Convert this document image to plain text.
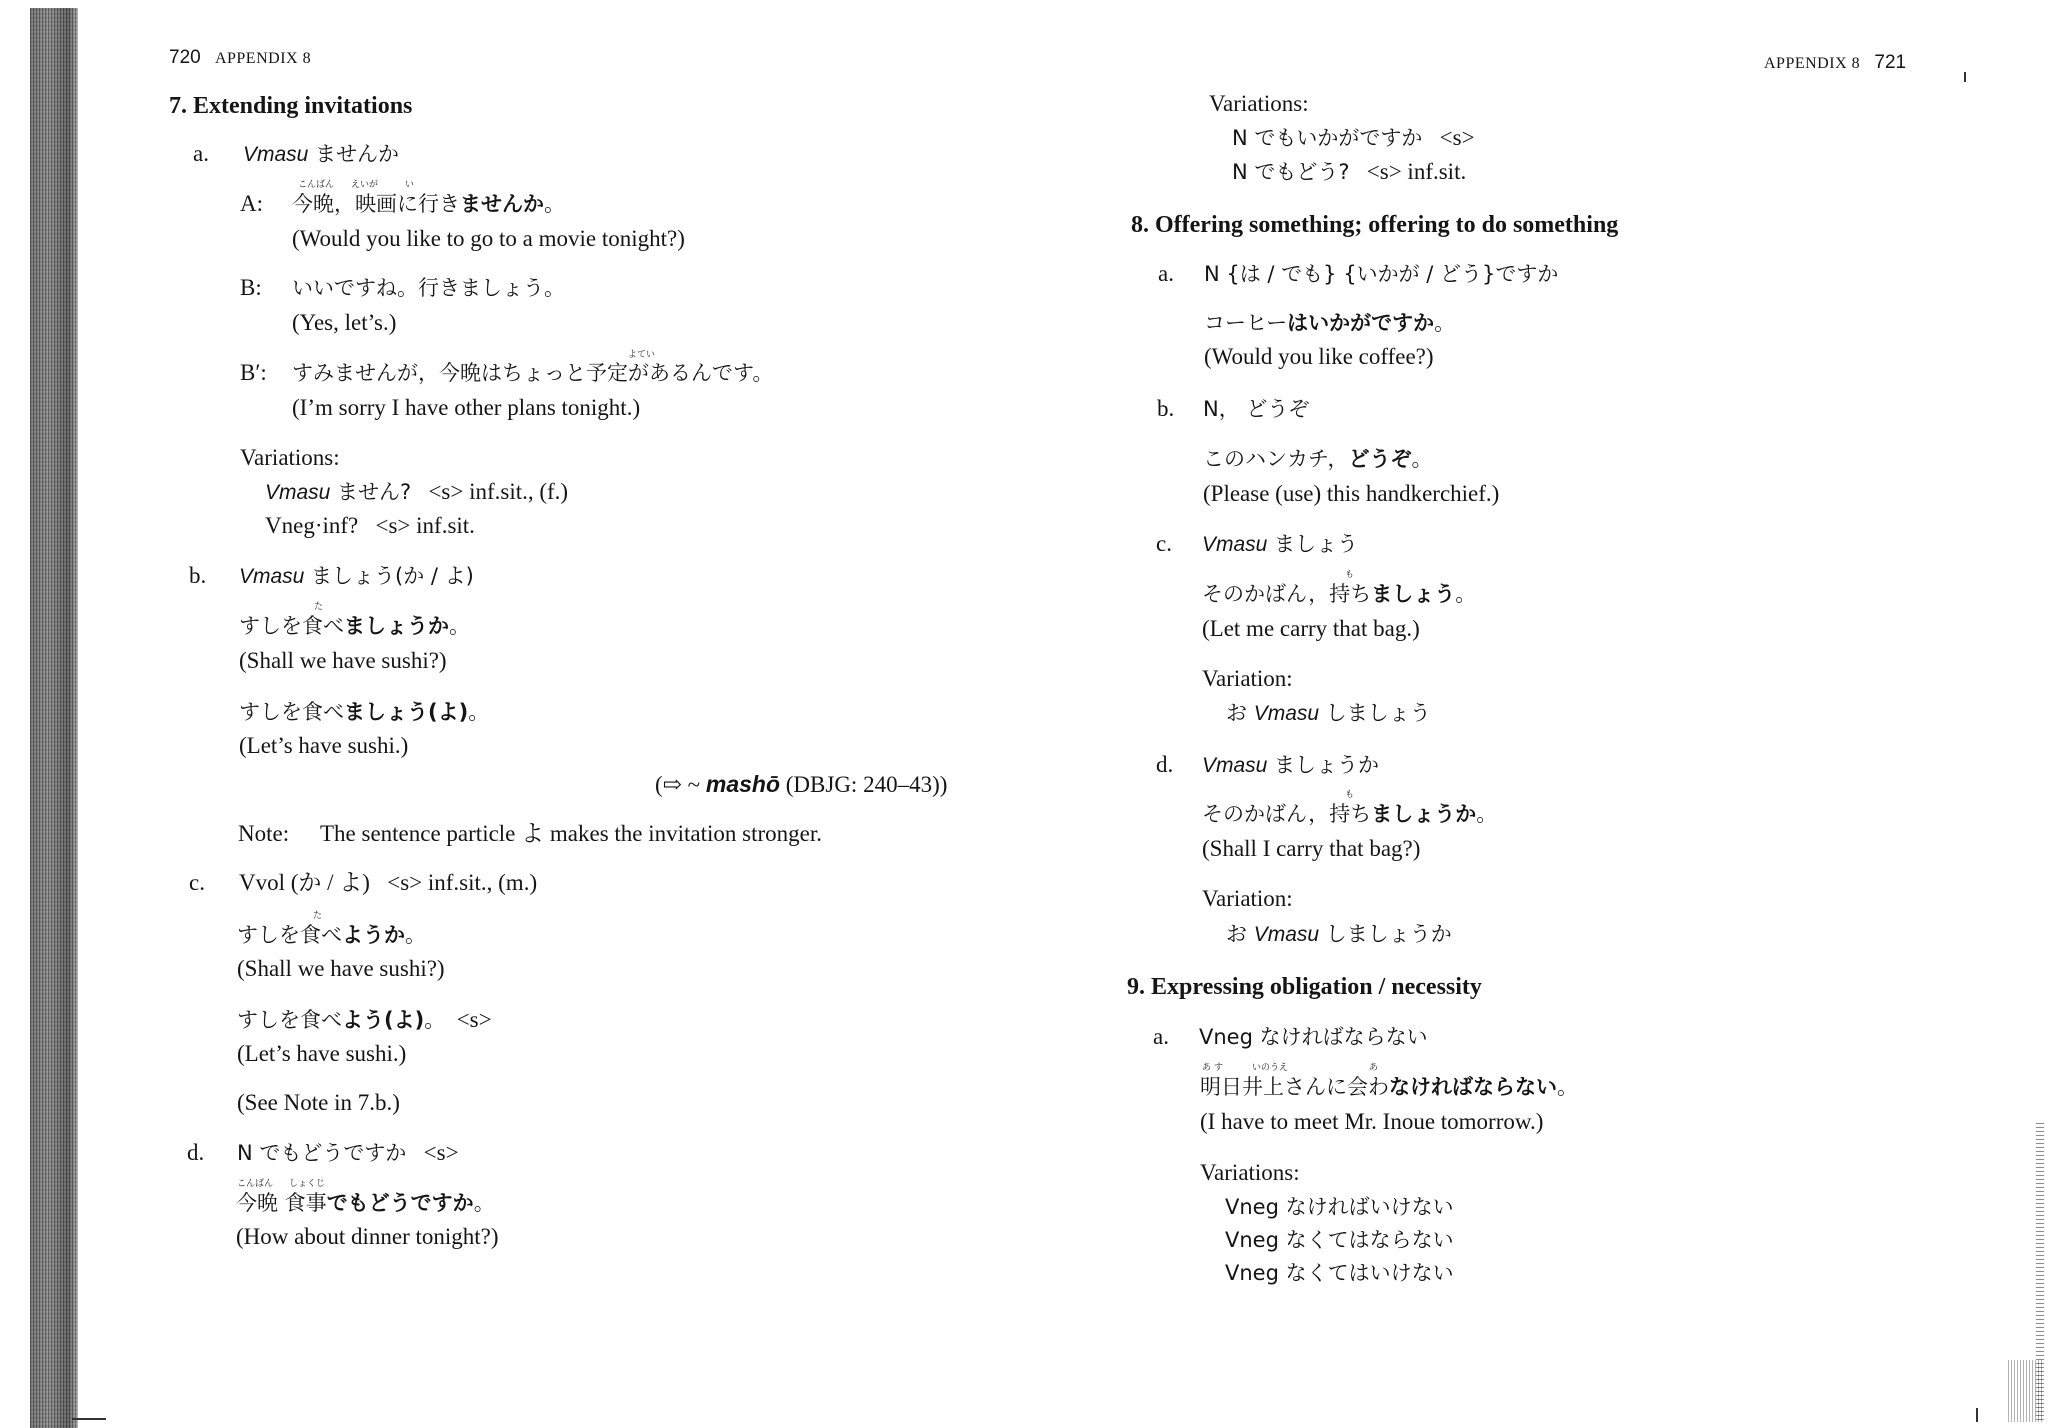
720 APPENDIX 8
7. Extending invitations
a. Vmasu ませんか
こんばん えいが	い
A: 今晩，映画に行きませんか。
(Would you like to go to a movie tonight?)
B: いいですね。行きましょう。
(Yes, let’s.)
よてい
B′: すみませんが，今晩はちょっと予定があるんです。
(I’m sorry I have other plans tonight.)
Variations:
Vmasu ません? <s> inf.sit., (f.)
Vneg·inf? <s> inf.sit.
b. Vmasu ましょう(か / よ)
た
すしを食べましょうか。
(Shall we have sushi?)
すしを食べましょう(よ)。
(Let’s have sushi.)
(⇨ ~ mashō (DBJG: 240–43))
Note: The sentence particle よ makes the invitation stronger.
c. Vvol (か / よ) <s> inf.sit., (m.)
た
すしを食べようか。
(Shall we have sushi?)
すしを食べよう(よ)。 <s>
(Let’s have sushi.)
(See Note in 7.b.)
d. N でもどうですか <s>
こんばん しょくじ
今晩 食事でもどうですか。
(How about dinner tonight?)
APPENDIX 8 721
Variations:
N でもいかがですか <s>
N でもどう? <s> inf.sit.
8. Offering something; offering to do something
a. N {は / でも} {いかが / どう}ですか
コーヒーはいかがですか。
(Would you like coffee?)
b. N， どうぞ
このハンカチ，どうぞ。
(Please (use) this handkerchief.)
c. Vmasu ましょう
も
そのかばん，持ちましょう。
(Let me carry that bag.)
Variation:
お Vmasu しましょう
d. Vmasu ましょうか
も
そのかばん，持ちましょうか。
(Shall I carry that bag?)
Variation:
お Vmasu しましょうか
9. Expressing obligation / necessity
a. Vneg なければならない
あ す	いのうえ	あ
明日井上さんに会わなければならない。
(I have to meet Mr. Inoue tomorrow.)
Variations:
Vneg なければいけない
Vneg なくてはならない
Vneg なくてはいけない
